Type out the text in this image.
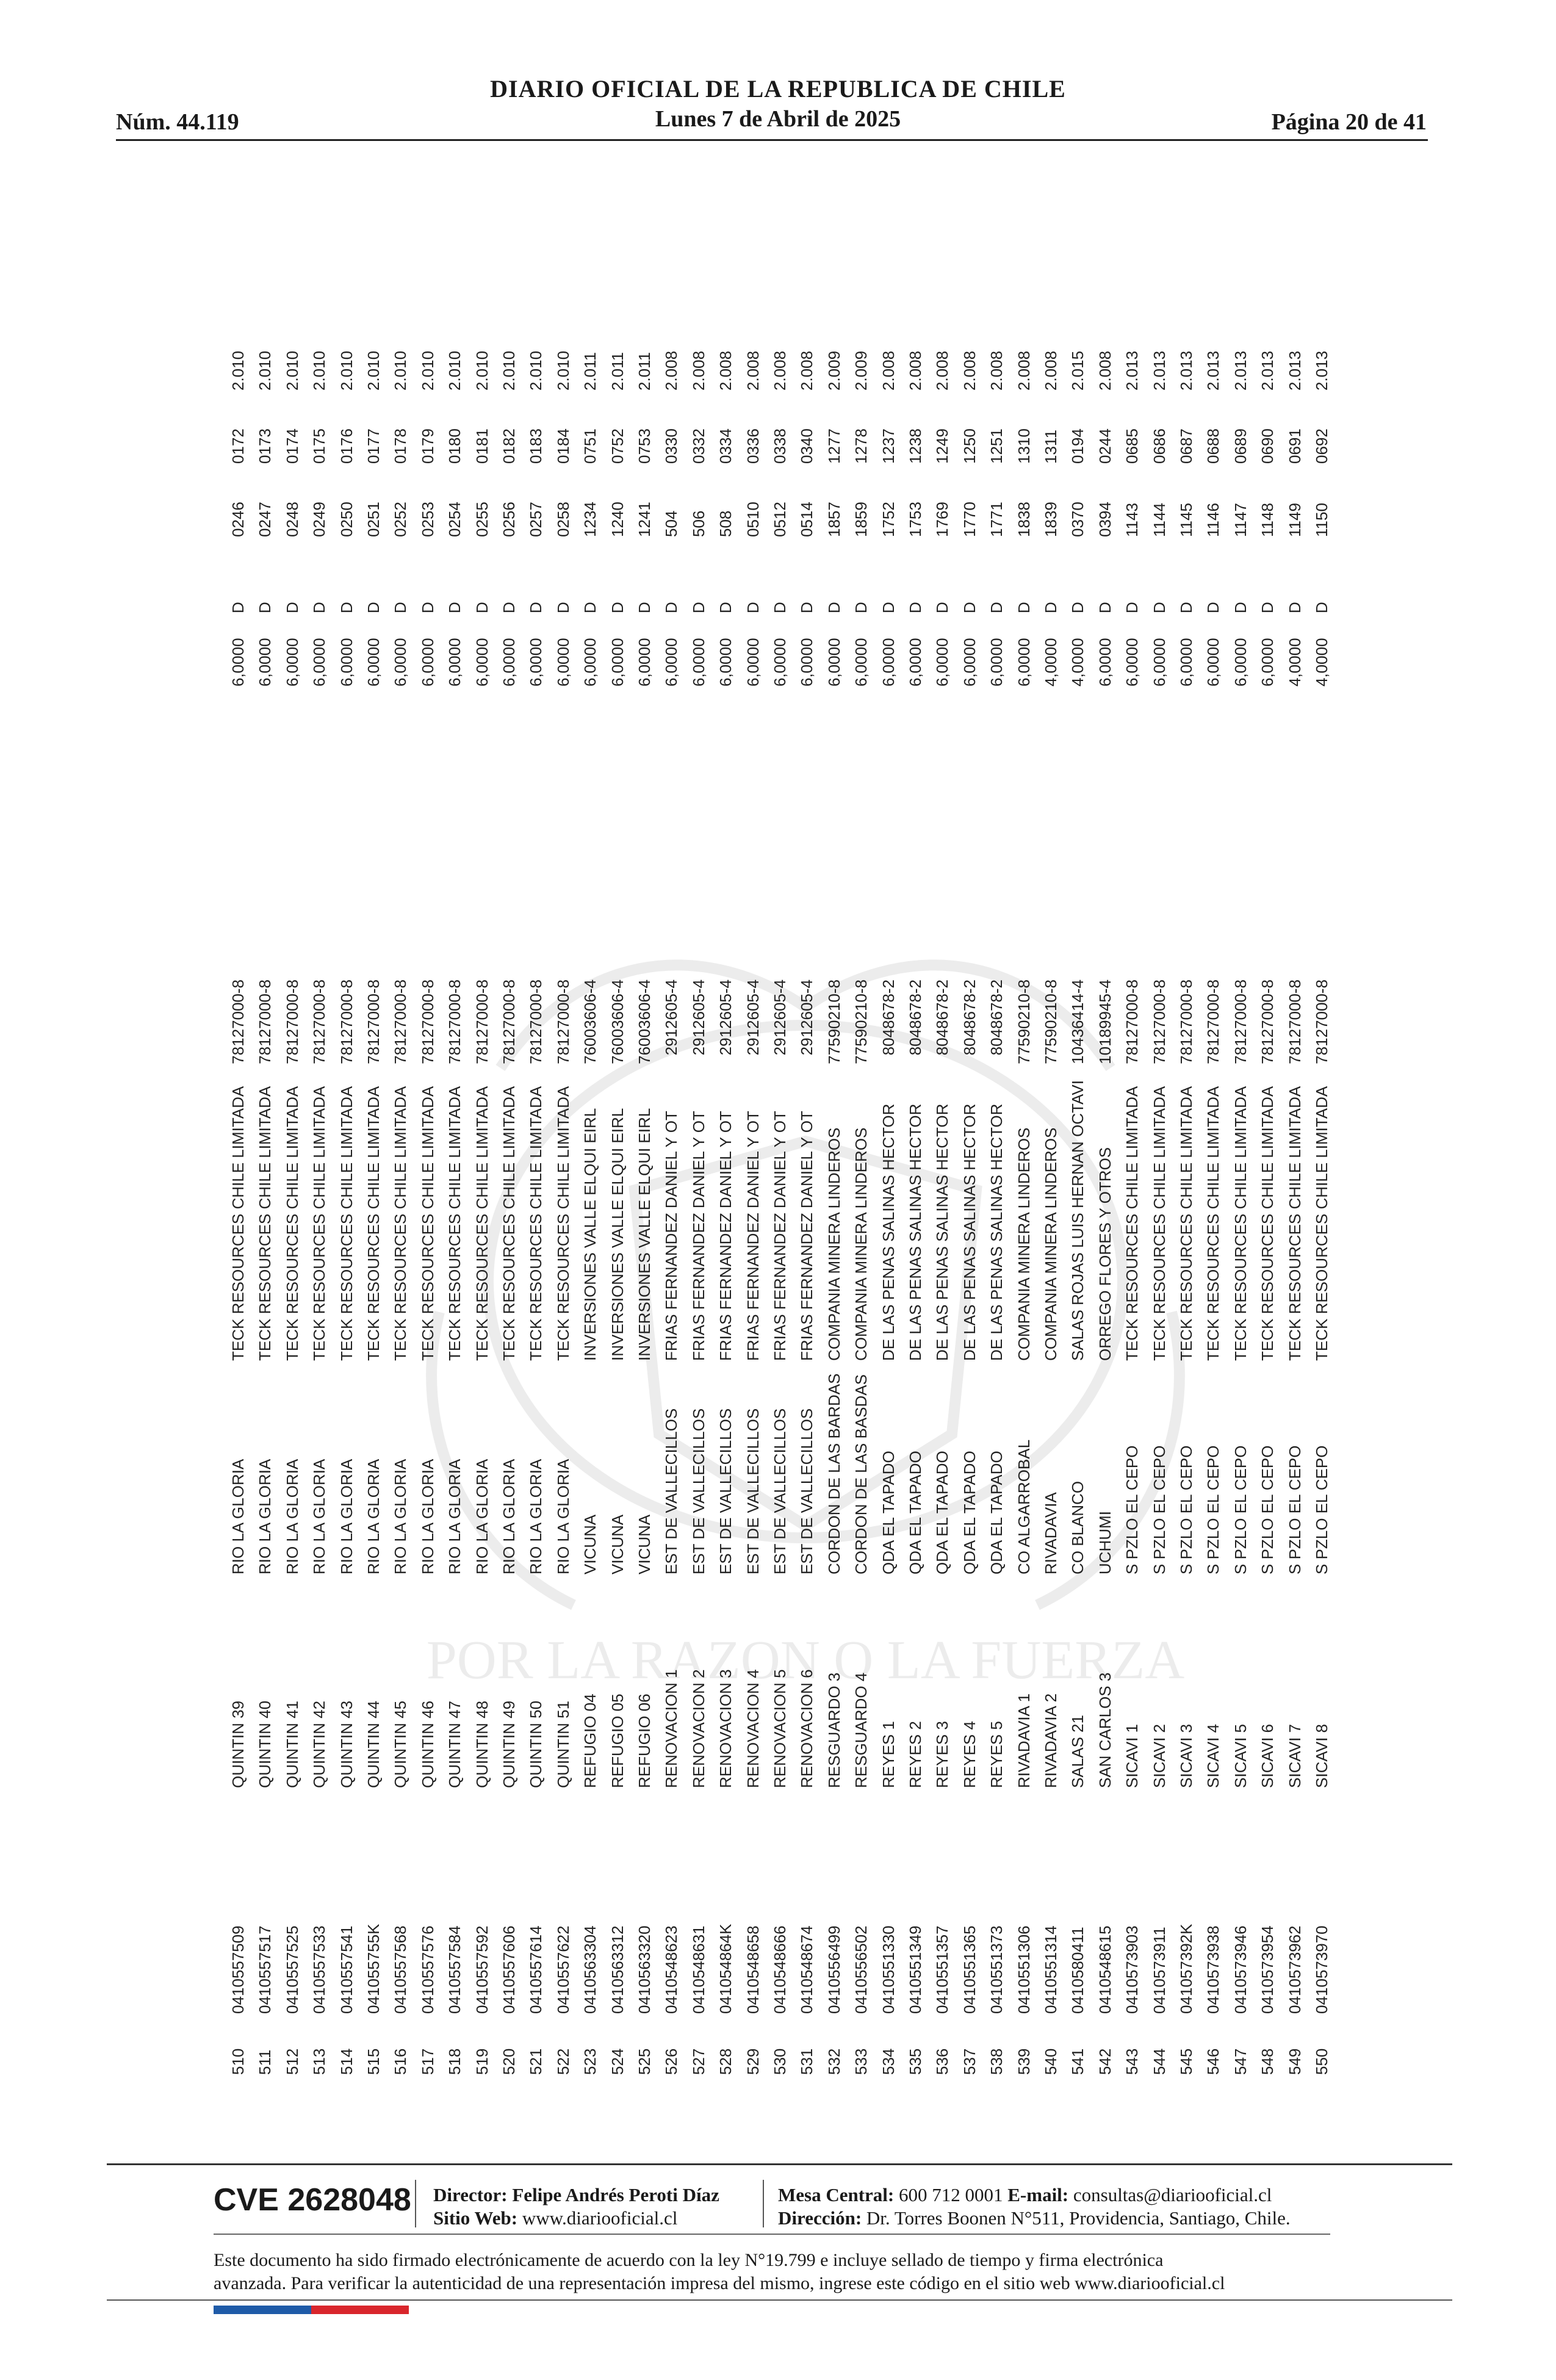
POR LA RAZON O LA FUERZA
Núm. 44.119
DIARIO OFICIAL DE LA REPUBLICA DE CHILE
Lunes 7 de Abril de 2025	Página 20 de 41
510
0410557509
QUINTIN 39
RIO LA GLORIA
TECK RESOURCES CHILE LIMITADA
78127000-8
6,0000
D
0246
0172
2.010
511
0410557517
QUINTIN 40
RIO LA GLORIA
TECK RESOURCES CHILE LIMITADA
78127000-8
6,0000
D
0247
0173
2.010
512
0410557525
QUINTIN 41
RIO LA GLORIA
TECK RESOURCES CHILE LIMITADA
78127000-8
6,0000
D
0248
0174
2.010
513
0410557533
QUINTIN 42
RIO LA GLORIA
TECK RESOURCES CHILE LIMITADA
78127000-8
6,0000
D
0249
0175
2.010
514
0410557541
QUINTIN 43
RIO LA GLORIA
TECK RESOURCES CHILE LIMITADA
78127000-8
6,0000
D
0250
0176
2.010
515
041055755K
QUINTIN 44
RIO LA GLORIA
TECK RESOURCES CHILE LIMITADA
78127000-8
6,0000
D
0251
0177
2.010
516
0410557568
QUINTIN 45
RIO LA GLORIA
TECK RESOURCES CHILE LIMITADA
78127000-8
6,0000
D
0252
0178
2.010
517
0410557576
QUINTIN 46
RIO LA GLORIA
TECK RESOURCES CHILE LIMITADA
78127000-8
6,0000
D
0253
0179
2.010
518
0410557584
QUINTIN 47
RIO LA GLORIA
TECK RESOURCES CHILE LIMITADA
78127000-8
6,0000
D
0254
0180
2.010
519
0410557592
QUINTIN 48
RIO LA GLORIA
TECK RESOURCES CHILE LIMITADA
78127000-8
6,0000
D
0255
0181
2.010
520
0410557606
QUINTIN 49
RIO LA GLORIA
TECK RESOURCES CHILE LIMITADA
78127000-8
6,0000
D
0256
0182
2.010
521
0410557614
QUINTIN 50
RIO LA GLORIA
TECK RESOURCES CHILE LIMITADA
78127000-8
6,0000
D
0257
0183
2.010
522
0410557622
QUINTIN 51
RIO LA GLORIA
TECK RESOURCES CHILE LIMITADA
78127000-8
6,0000
D
0258
0184
2.010
523
0410563304
REFUGIO 04
VICUNA
INVERSIONES VALLE ELQUI EIRL
76003606-4
6,0000
D
1234
0751
2.011
524
0410563312
REFUGIO 05
VICUNA
INVERSIONES VALLE ELQUI EIRL
76003606-4
6,0000
D
1240
0752
2.011
525
0410563320
REFUGIO 06
VICUNA
INVERSIONES VALLE ELQUI EIRL
76003606-4
6,0000
D
1241
0753
2.011
526
0410548623
RENOVACION 1
EST DE VALLECILLOS
FRIAS FERNANDEZ DANIEL Y OT
2912605-4
6,0000
D
504
0330
2.008
527
0410548631
RENOVACION 2
EST DE VALLECILLOS
FRIAS FERNANDEZ DANIEL Y OT
2912605-4
6,0000
D
506
0332
2.008
528
041054864K
RENOVACION 3
EST DE VALLECILLOS
FRIAS FERNANDEZ DANIEL Y OT
2912605-4
6,0000
D
508
0334
2.008
529
0410548658
RENOVACION 4
EST DE VALLECILLOS
FRIAS FERNANDEZ DANIEL Y OT
2912605-4
6,0000
D
0510
0336
2.008
530
0410548666
RENOVACION 5
EST DE VALLECILLOS
FRIAS FERNANDEZ DANIEL Y OT
2912605-4
6,0000
D
0512
0338
2.008
531
0410548674
RENOVACION 6
EST DE VALLECILLOS
FRIAS FERNANDEZ DANIEL Y OT
2912605-4
6,0000
D
0514
0340
2.008
532
0410556499
RESGUARDO 3
CORDON DE LAS BARDAS
COMPANIA MINERA LINDEROS
77590210-8
6,0000
D
1857
1277
2.009
533
0410556502
RESGUARDO 4
CORDON DE LAS BASDAS
COMPANIA MINERA LINDEROS
77590210-8
6,0000
D
1859
1278
2.009
534
0410551330
REYES 1
QDA EL TAPADO
DE LAS PENAS SALINAS HECTOR
8048678-2
6,0000
D
1752
1237
2.008
535
0410551349
REYES 2
QDA EL TAPADO
DE LAS PENAS SALINAS HECTOR
8048678-2
6,0000
D
1753
1238
2.008
536
0410551357
REYES 3
QDA EL TAPADO
DE LAS PENAS SALINAS HECTOR
8048678-2
6,0000
D
1769
1249
2.008
537
0410551365
REYES 4
QDA EL TAPADO
DE LAS PENAS SALINAS HECTOR
8048678-2
6,0000
D
1770
1250
2.008
538
0410551373
REYES 5
QDA EL TAPADO
DE LAS PENAS SALINAS HECTOR
8048678-2
6,0000
D
1771
1251
2.008
539
0410551306
RIVADAVIA 1
CO ALGARROBAL
COMPANIA MINERA LINDEROS
77590210-8
6,0000
D
1838
1310
2.008
540
0410551314
RIVADAVIA 2
RIVADAVIA
COMPANIA MINERA LINDEROS
77590210-8
4,0000
D
1839
1311
2.008
541
0410580411
SALAS 21
CO BLANCO
SALAS ROJAS LUIS HERNAN OCTAVI
10436414-4
4,0000
D
0370
0194
2.015
542
0410548615
SAN CARLOS 3
UCHUMI
ORREGO FLORES Y OTROS
10189945-4
6,0000
D
0394
0244
2.008
543
0410573903
SICAVI 1
S PZLO EL CEPO
TECK RESOURCES CHILE LIMITADA
78127000-8
6,0000
D
1143
0685
2.013
544
0410573911
SICAVI 2
S PZLO EL CEPO
TECK RESOURCES CHILE LIMITADA
78127000-8
6,0000
D
1144
0686
2.013
545
041057392K
SICAVI 3
S PZLO EL CEPO
TECK RESOURCES CHILE LIMITADA
78127000-8
6,0000
D
1145
0687
2.013
546
0410573938
SICAVI 4
S PZLO EL CEPO
TECK RESOURCES CHILE LIMITADA
78127000-8
6,0000
D
1146
0688
2.013
547
0410573946
SICAVI 5
S PZLO EL CEPO
TECK RESOURCES CHILE LIMITADA
78127000-8
6,0000
D
1147
0689
2.013
548
0410573954
SICAVI 6
S PZLO EL CEPO
TECK RESOURCES CHILE LIMITADA
78127000-8
6,0000
D
1148
0690
2.013
549
0410573962
SICAVI 7
S PZLO EL CEPO
TECK RESOURCES CHILE LIMITADA
78127000-8
4,0000
D
1149
0691
2.013
550
0410573970
SICAVI 8
S PZLO EL CEPO
TECK RESOURCES CHILE LIMITADA
78127000-8
4,0000
D
1150
0692
2.013
CVE 2628048 Director: Felipe Andrés Peroti Díaz
Sitio Web: www.diariooficial.cl
Mesa Central: 600 712 0001 E-mail: consultas@diariooficial.cl
Dirección: Dr. Torres Boonen N°511, Providencia, Santiago, Chile.
Este documento ha sido firmado electrónicamente de acuerdo con la ley N°19.799 e incluye sellado de tiempo y firma electrónica
avanzada. Para verificar la autenticidad de una representación impresa del mismo, ingrese este código en el sitio web www.diariooficial.cl
